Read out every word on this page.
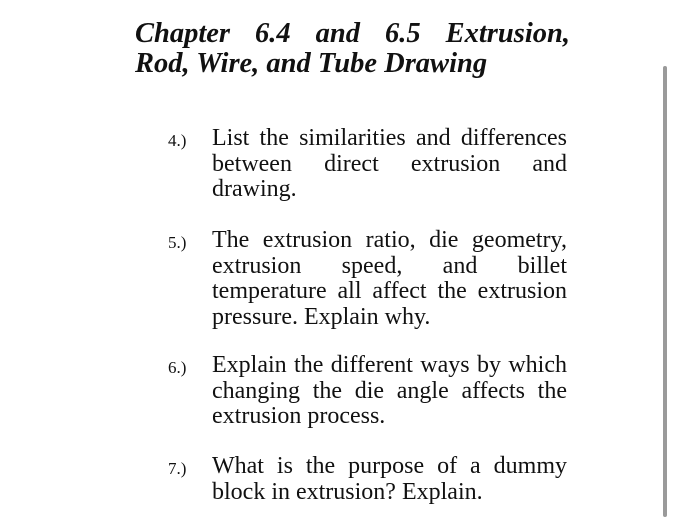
Chapter 6.4 and 6.5 Extrusion,
Rod, Wire, and Tube Drawing
4.)	List the similarities and differences between direct extrusion and drawing.
5.)	The extrusion ratio, die geometry, extrusion speed, and billet temperature all affect the extrusion pressure. Explain why.
6.)	Explain the different ways by which changing the die angle affects the extrusion process.
7.)	What is the purpose of a dummy block in extrusion? Explain.
